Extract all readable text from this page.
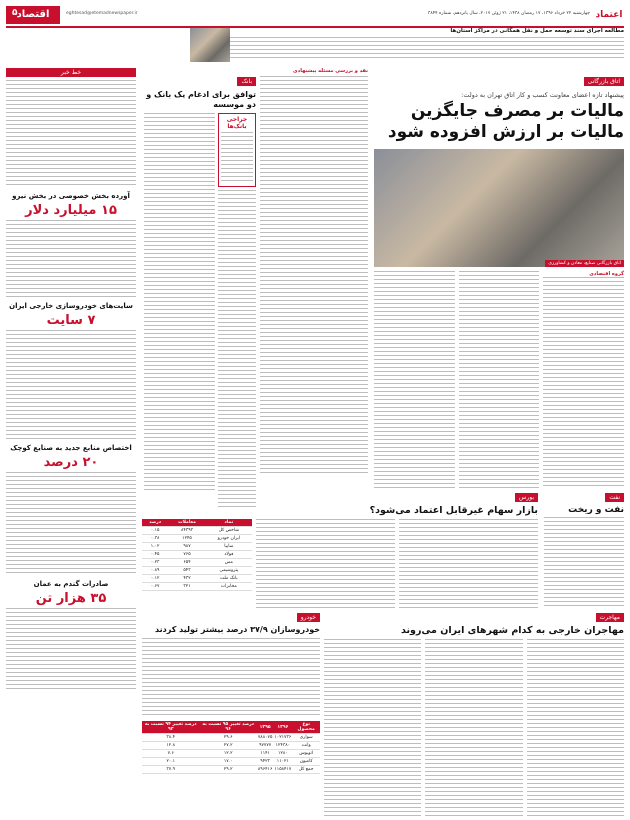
اعتماد
چهارشنبه ۲۲ خرداد ۱۳۹۶، ۱۷ رمضان ۱۴۳۸، ۲۱ ژوئن ۲۰۱۷، سال پانزدهم، شماره ۳۸۴۴
eghtesad@etemadnewspaper.ir
اقتصاد
۵
مطالعه اجرای سند توسعه حمل و نقل همگانی در مراکز استان‌ها
اتاق بازرگانی
پیشنهاد تازه اعضای معاونت کسب و کار اتاق تهران به دولت:
مالیات بر مصرف جایگزین
مالیات بر ارزش افزوده شود
اتاق بازرگانی صنایع، معادن و کشاورزی
گروه اقتصادی
نقد و بررسی مسئله پیشنهادی
بانک
توافق برای ادغام یک بانک و دو موسسه
جراحی بانک‌ها
خط خبر
آورده بخش خصوصی در بخش نیرو
۱۵ میلیارد دلار
سایت‌های خودروسازی خارجی ایران
۷ سایت
اختصاص منابع جدید به صنایع کوچک
۲۰ درصد
صادرات گندم به عمان
۳۵ هزار تن
نفت
نفت و ریخت
بورس
بازار سهام غیرقابل اعتماد می‌شود؟
نماد	معاملات	درصد
شاخص کل	۸۴۳۹۳	۰.۱۵
ایران خودرو	۱۲۴۵	۰.۳۸
سایپا	۹۸۷	۱.۰۲
فولاد	۷۶۵	۰.۴۵
مس	۶۵۴	۰.۲۳
پتروشیمی	۵۴۳	۰.۸۹
بانک ملت	۴۳۲	۰.۱۲
مخابرات	۳۲۱	۰.۶۷
مهاجرت
مهاجران خارجی به کدام شهرهای ایران می‌روند
خودرو
خودروسازان ۳۷/۹ درصد بیشتر تولید کردند
نوع محصول	۱۳۹۶	۱۳۹۵	درصد تغییر ۹۵ نسبت به ۹۶	درصد تغییر ۹۴ نسبت به ۹۳
سواری	۱۰۲۱۷۳۶	۷۸۸۰۷۵	۲۹.۶	۳۸.۴
وانت	۱۲۴۳۸۰	۹۷۷۷۷	۲۷.۲	۱۲.۸
اتوبوس	۱۲۸۰	۱۱۴۱	۱۲.۲	۷.۶
کامیون	۱۱۰۲۱	۹۴۲۳	۱۷.۰	۲۰.۱
جمع کل	۱۱۵۸۴۱۷	۸۹۶۴۱۶	۲۹.۲	۳۷.۹
